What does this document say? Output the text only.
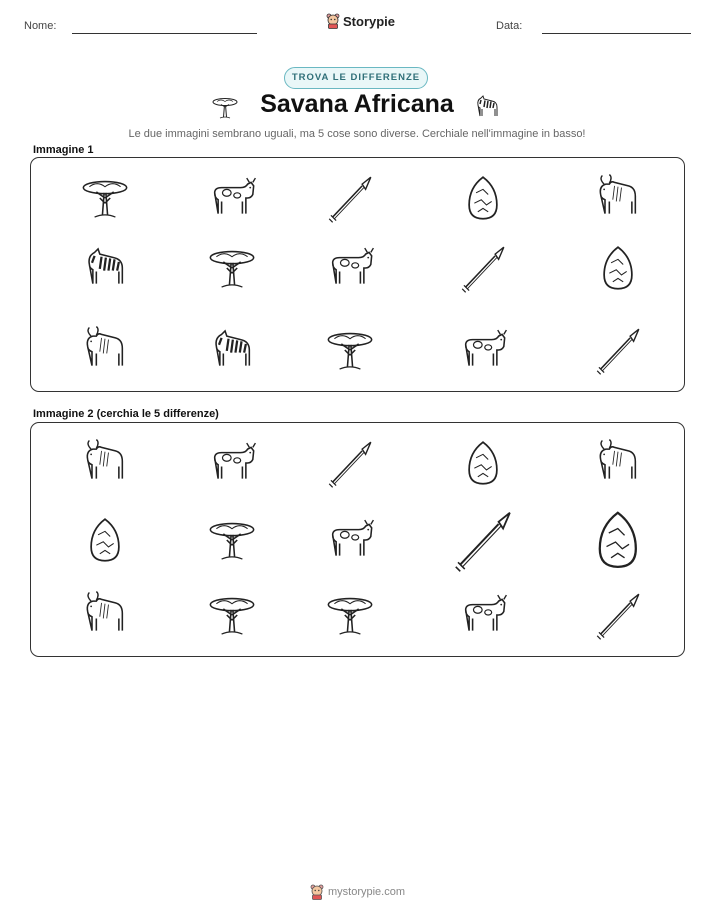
Nome:	Storypie	Data:
TROVA LE DIFFERENZE
Savana Africana
Le due immagini sembrano uguali, ma 5 cose sono diverse. Cerchiale nell'immagine in basso!
Immagine 1
Immagine 2 (cerchia le 5 differenze)
mystorypie.com
